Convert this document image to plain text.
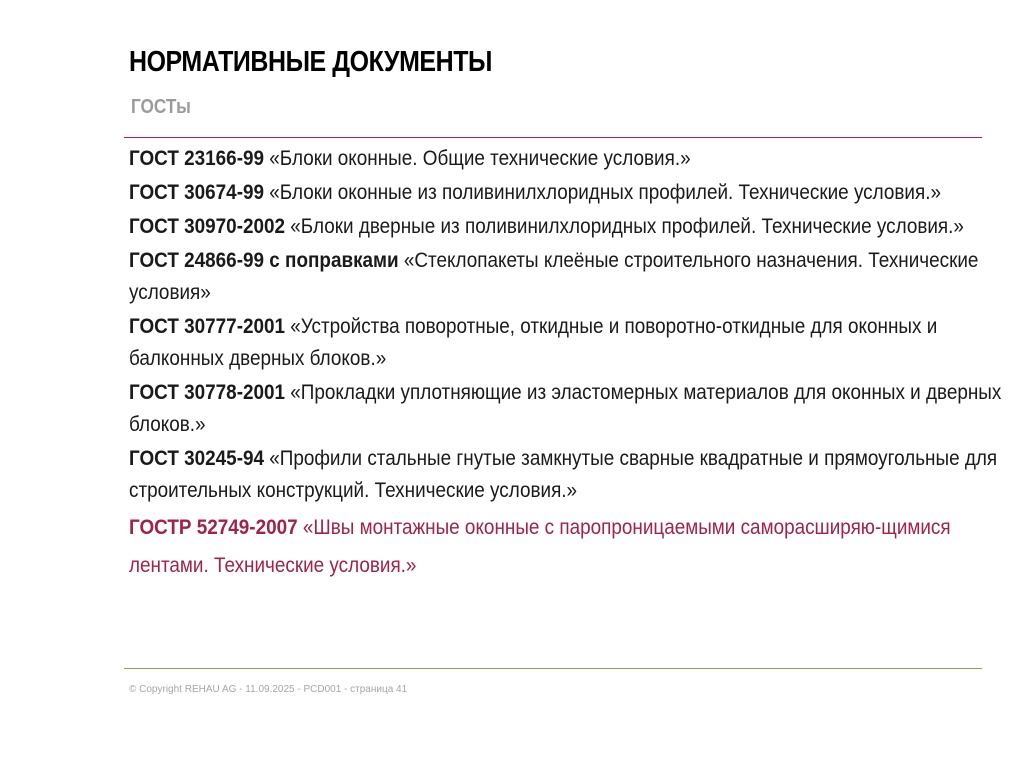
НОРМАТИВНЫЕ ДОКУМЕНТЫ
ГОСТы
ГОСТ 23166-99 «Блоки оконные. Общие технические условия.»
ГОСТ 30674-99 «Блоки оконные из поливинилхлоридных профилей. Технические условия.»
ГОСТ 30970-2002 «Блоки дверные из поливинилхлоридных профилей. Технические условия.»
ГОСТ 24866-99 с поправками «Стеклопакеты клеёные строительного назначения. Технические условия»
ГОСТ 30777-2001 «Устройства поворотные, откидные и поворотно-откидные для оконных и балконных дверных блоков.»
ГОСТ 30778-2001 «Прокладки уплотняющие из эластомерных материалов для оконных и дверных блоков.»
ГОСТ 30245-94 «Профили стальные гнутые замкнутые сварные квадратные и прямоугольные для строительных конструкций. Технические условия.»
ГОСТР 52749-2007 «Швы монтажные оконные с паропроницаемыми саморасширяю-щимися лентами. Технические условия.»
© Copyright REHAU AG - 11.09.2025 - PCD001 - страница 41
